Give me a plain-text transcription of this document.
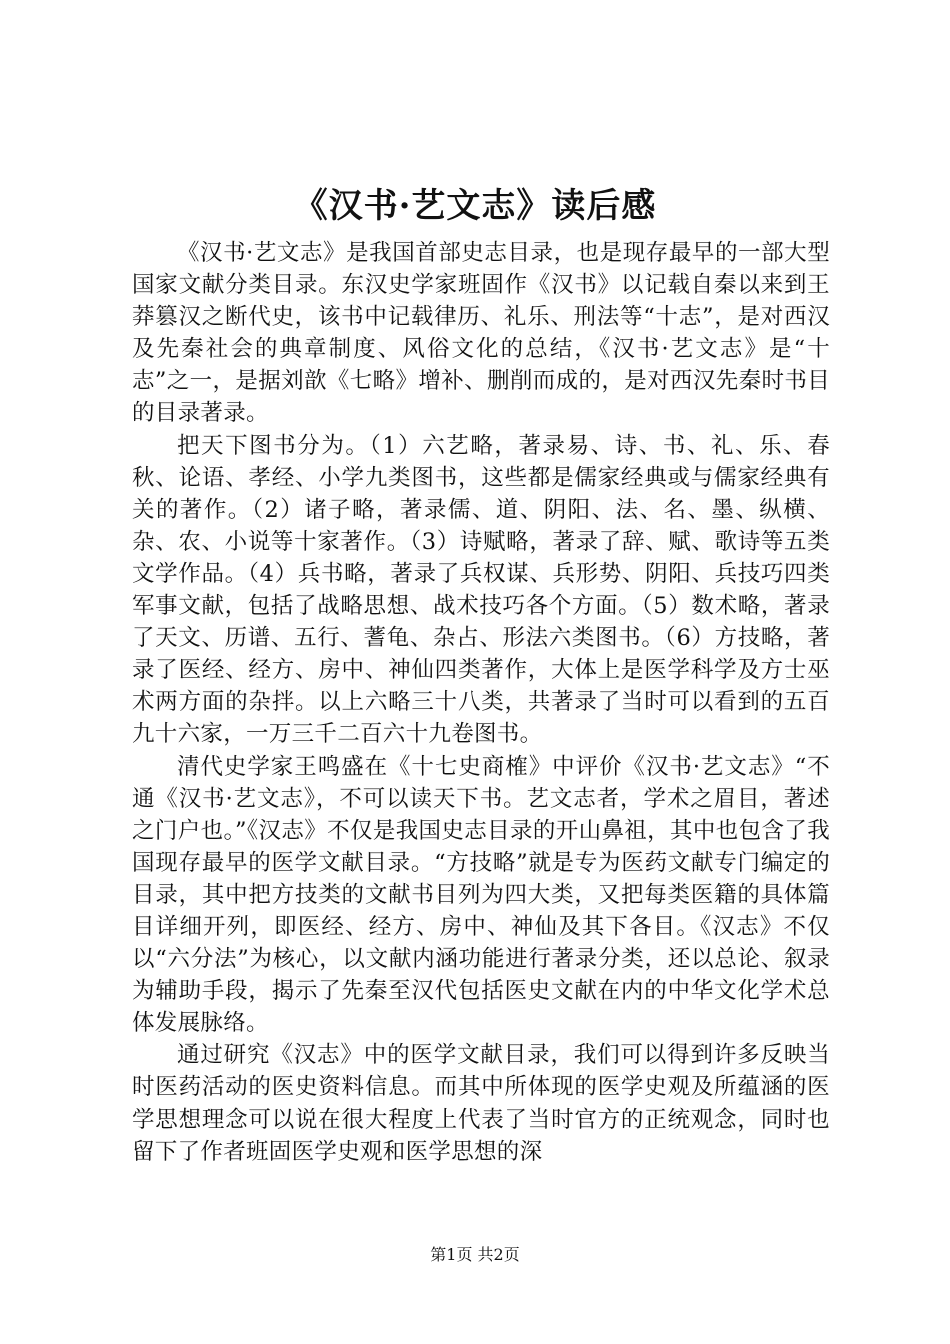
《汉书·艺文志》读后感

《汉书·艺文志》是我国首部史志目录，也是现存最早的一部大型国家文献分类目录。东汉史学家班固作《汉书》以记载自秦以来到王莽篡汉之断代史，该书中记载律历、礼乐、刑法等“十志”，是对西汉及先秦社会的典章制度、风俗文化的总结，《汉书·艺文志》是“十志”之一，是据刘歆《七略》增补、删削而成的，是对西汉先秦时书目的目录著录。

把天下图书分为。（1）六艺略，著录易、诗、书、礼、乐、春秋、论语、孝经、小学九类图书，这些都是儒家经典或与儒家经典有关的著作。（2）诸子略，著录儒、道、阴阳、法、名、墨、纵横、杂、农、小说等十家著作。（3）诗赋略，著录了辞、赋、歌诗等五类文学作品。（4）兵书略，著录了兵权谋、兵形势、阴阳、兵技巧四类军事文献，包括了战略思想、战术技巧各个方面。（5）数术略，著录了天文、历谱、五行、蓍龟、杂占、形法六类图书。（6）方技略，著录了医经、经方、房中、神仙四类著作，大体上是医学科学及方士巫术两方面的杂拌。以上六略三十八类，共著录了当时可以看到的五百九十六家，一万三千二百六十九卷图书。

清代史学家王鸣盛在《十七史商榷》中评价《汉书·艺文志》“不通《汉书·艺文志》，不可以读天下书。艺文志者，学术之眉目，著述之门户也。”《汉志》不仅是我国史志目录的开山鼻祖，其中也包含了我国现存最早的医学文献目录。“方技略”就是专为医药文献专门编定的目录，其中把方技类的文献书目列为四大类，又把每类医籍的具体篇目详细开列，即医经、经方、房中、神仙及其下各目。《汉志》不仅以“六分法”为核心，以文献内涵功能进行著录分类，还以总论、叙录为辅助手段，揭示了先秦至汉代包括医史文献在内的中华文化学术总体发展脉络。

通过研究《汉志》中的医学文献目录，我们可以得到许多反映当时医药活动的医史资料信息。而其中所体现的医学史观及所蕴涵的医学思想理念可以说在很大程度上代表了当时官方的正统观念，同时也留下了作者班固医学史观和医学思想的深

第1页 共2页
